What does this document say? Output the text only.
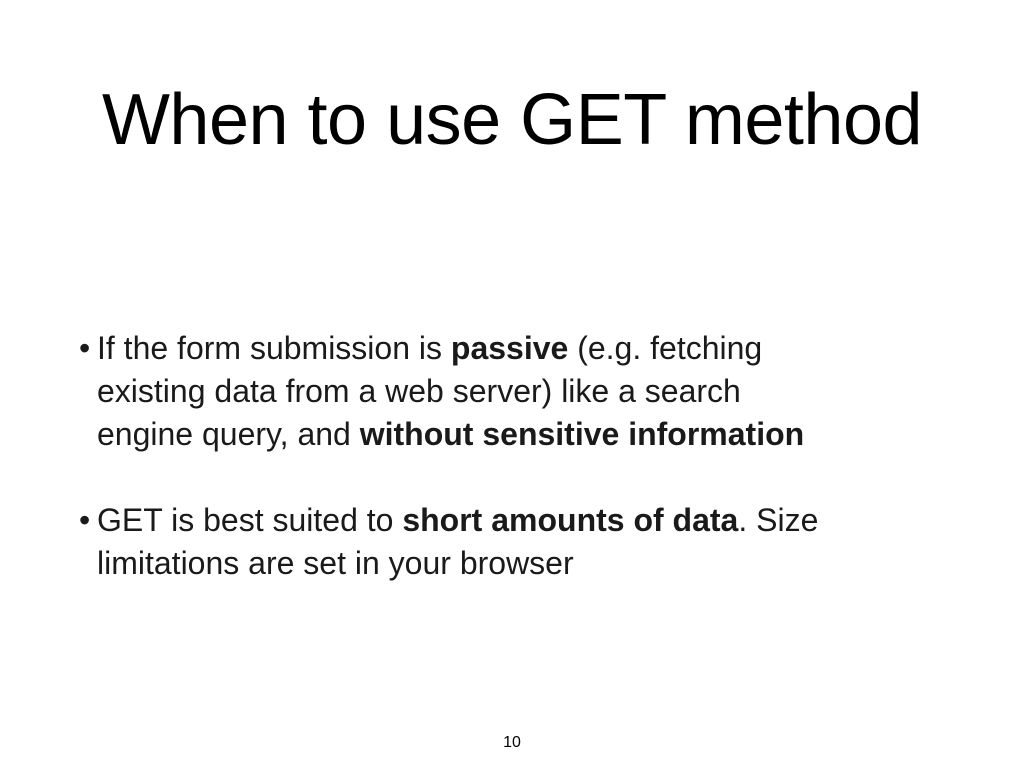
When to use GET method
• If the form submission is passive (e.g. fetching
existing data from a web server) like a search
engine query, and without sensitive information
• GET is best suited to short amounts of data. Size
limitations are set in your browser
10
